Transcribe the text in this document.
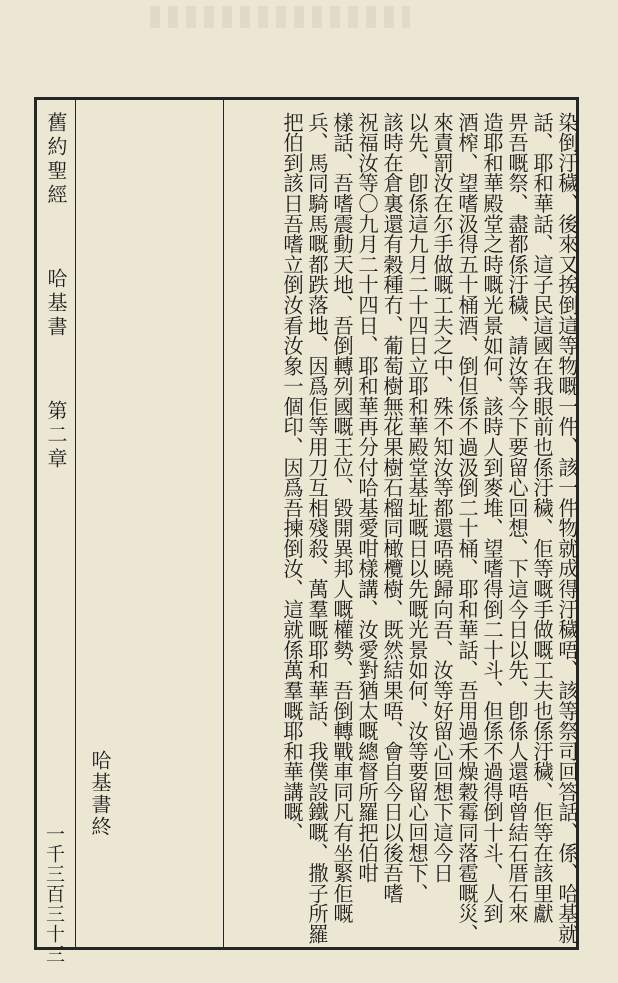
舊約聖經
哈基書
第二章
一千三百三十三
哈基書終	把伯到該日吾嗜立倒汝看汝象一個印、因爲吾揀倒汝、這就係萬羣嘅耶和華講嘅、 兵、馬同騎馬嘅都跌落地、因爲佢等用刀互相殘殺、萬羣嘅耶和華話、我僕設鐵嘅、撒子所羅 樣話、吾嗜震動天地、吾倒轉列國嘅王位、毀開異邦人嘅權勢、吾倒轉戰車同凡有坐緊佢嘅 祝福汝等〇九月二十四日、耶和華再分付哈基愛咁樣講、汝愛對猶太嘅總督所羅把伯咁 該時在倉裏還有穀種冇、葡萄樹無花果樹石榴同橄欖樹、既然結果唔、會自今日以後吾嗜 以先、卽係這九月二十四日立耶和華殿堂基址嘅日以先嘅光景如何、汝等要留心回想下、 來責罰汝在尔手做嘅工夫之中、殊不知汝等都還唔曉歸向吾、汝等好留心回想下這今日 酒榨、望嗜汲得五十桶酒、倒但係不過汲倒二十桶、耶和華話、吾用過禾燥穀霉同落雹嘅災、 造耶和華殿堂之時嘅光景如何、該時人到麥堆、望嗜得倒二十斗、但係不過得倒十斗、人到 畀吾嘅祭、盡都係汙穢、請汝等今下要留心回想、下這今日以先、卽係人還唔曾結石厝石來 話、耶和華話、這子民這國在我眼前也係汙穢、佢等嘅手做嘅工夫也係汙穢、佢等在該里獻 染倒汙穢、後來又挨倒這等物嘅一件、該一件物就成得汙穢唔、該等祭司回答話、係、哈基就
